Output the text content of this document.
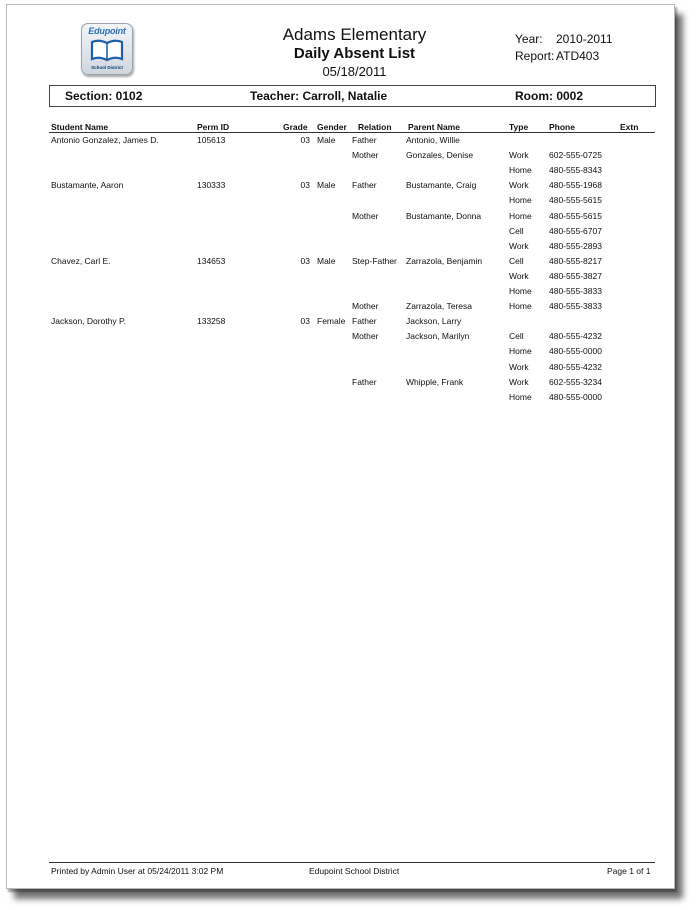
Edupoint
School District
Adams Elementary
Daily Absent List
05/18/2011
Year: 2010-2011
Report: ATD403
Section: 0102	Teacher: Carroll, Natalie	Room: 0002
Student Name	Perm ID	Grade Gender Relation Parent Name	Type Phone	Extn
Antonio Gonzalez, James D.	105613	03 Male	Father	Antonio, Willie
Mother	Gonzales, Denise	Work	602-555-0725
Home	480-555-8343
Bustamante, Aaron	130333	03 Male	Father	Bustamante, Craig	Work	480-555-1968
Home	480-555-5615
Mother	Bustamante, Donna	Home	480-555-5615
Cell	480-555-6707
Work	480-555-2893
Chavez, Carl E.	134653	03 Male	Step-Father	Zarrazola, Benjamin	Cell	480-555-8217
Work	480-555-3827
Home	480-555-3833
Mother	Zarrazola, Teresa	Home	480-555-3833
Jackson, Dorothy P.	133258	03 Female Father	Jackson, Larry
Mother	Jackson, Marilyn	Cell	480-555-4232
Home	480-555-0000
Work	480-555-4232
Father	Whipple, Frank	Work	602-555-3234
Home	480-555-0000
Printed by Admin User at 05/24/2011 3:02 PM	Edupoint School District	Page 1 of 1
